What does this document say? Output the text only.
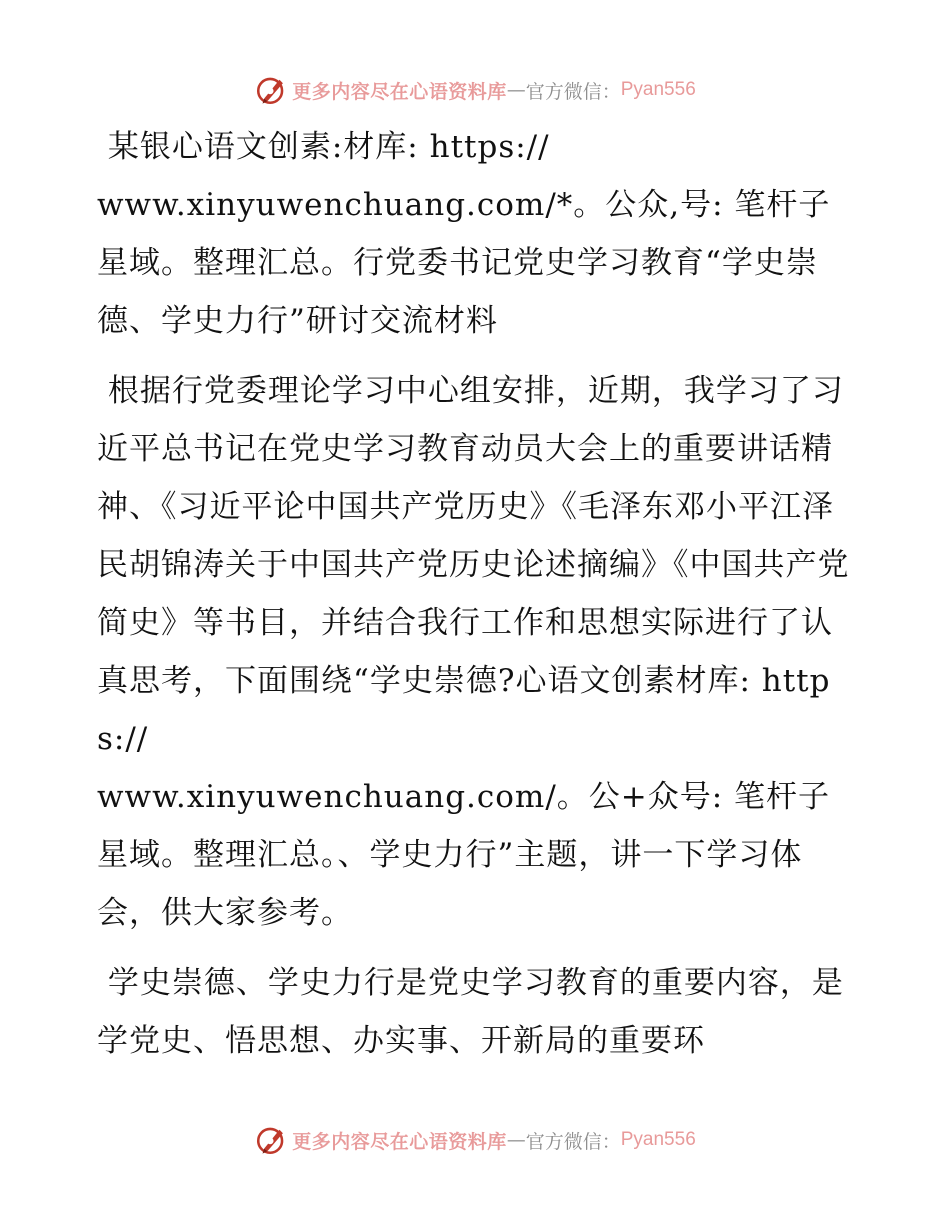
更多内容尽在心语资料库 — 官方微信： Pyan556

某银心语文创素:材库: https://
www.xinyuwenchuang.com/*。公众,号: 笔杆子星域。整理汇总。行党委书记党史学习教育“学史崇德、学史力行”研讨交流材料

根据行党委理论学习中心组安排，近期，我学习了习近平总书记在党史学习教育动员大会上的重要讲话精神、《习近平论中国共产党历史》《毛泽东邓小平江泽民胡锦涛关于中国共产党历史论述摘编》《中国共产党简史》等书目，并结合我行工作和思想实际进行了认真思考，下面围绕“学史崇德?心语文创素材库: https://
www.xinyuwenchuang.com/。公+众号: 笔杆子星域。整理汇总。、学史力行”主题，讲一下学习体会，供大家参考。

学史崇德、学史力行是党史学习教育的重要内容，是学党史、悟思想、办实事、开新局的重要环

更多内容尽在心语资料库 — 官方微信： Pyan556
